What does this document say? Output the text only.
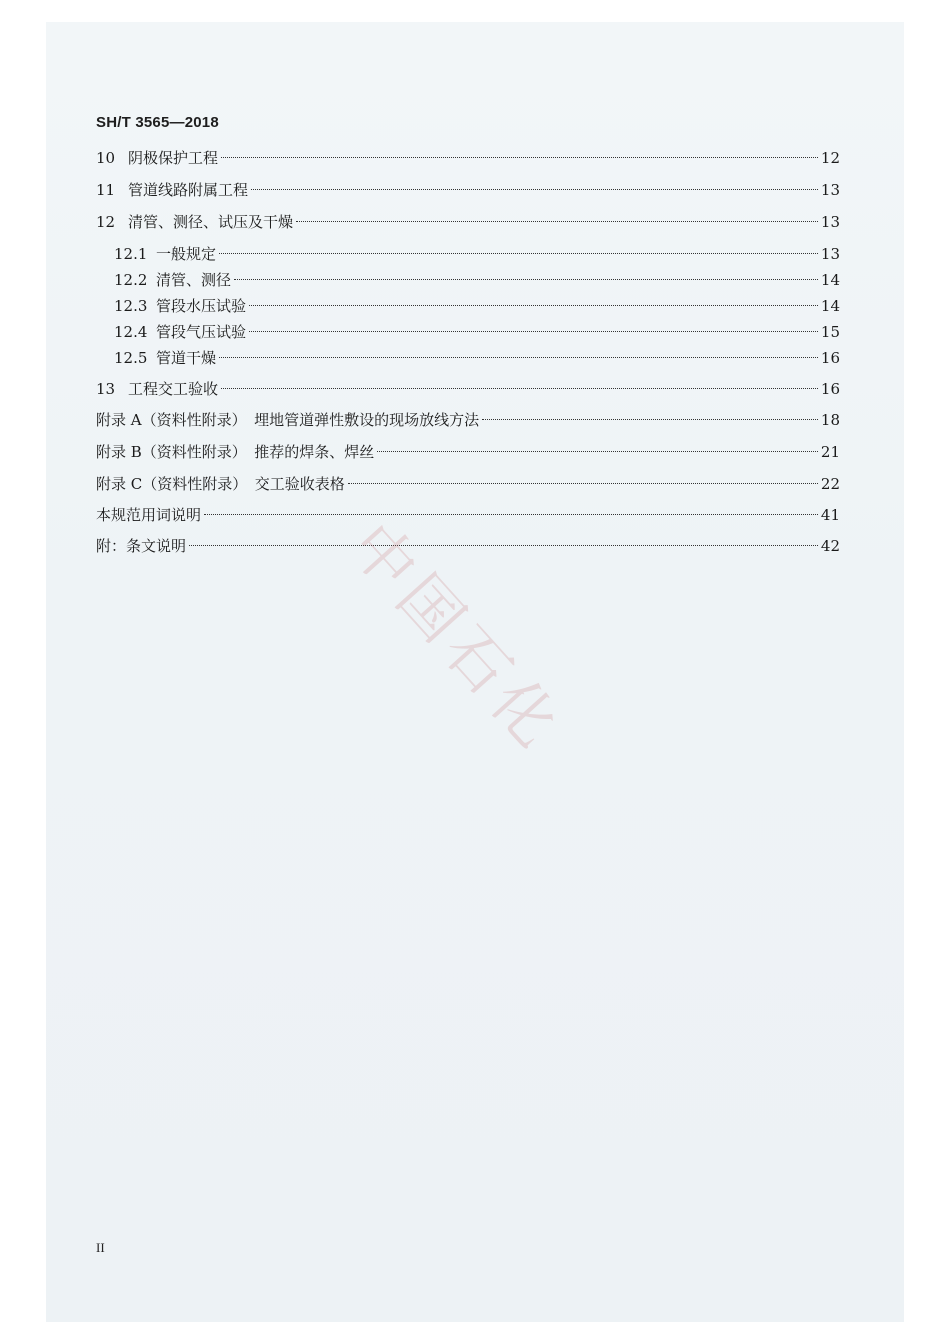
SH/T 3565—2018
10 阴极保护工程	12
11 管道线路附属工程	13
12 清管、测径、试压及干燥	13
12.1 一般规定	13
12.2 清管、测径	14
12.3 管段水压试验	14
12.4 管段气压试验	15
12.5 管道干燥	16
13 工程交工验收	16
附录 A（资料性附录）　埋地管道弹性敷设的现场放线方法	18
附录 B（资料性附录）　推荐的焊条、焊丝	21
附录 C（资料性附录）　交工验收表格	22
本规范用词说明	41
附：条文说明	42
中国石化
II
